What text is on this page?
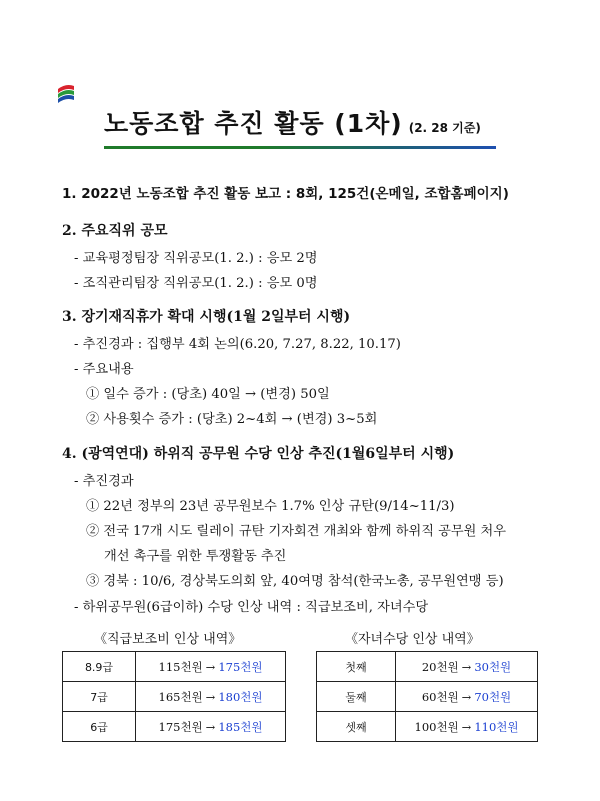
노동조합 추진 활동 (1차) (2. 28 기준)
1. 2022년 노동조합 추진 활동 보고 : 8회, 125건(온메일, 조합홈페이지)
2. 주요직위 공모
- 교육평정팀장 직위공모(1. 2.) : 응모 2명
- 조직관리팀장 직위공모(1. 2.) : 응모 0명
3. 장기재직휴가 확대 시행(1월 2일부터 시행)
- 추진경과 : 집행부 4회 논의(6.20, 7.27, 8.22, 10.17)
- 주요내용
① 일수 증가 : (당초) 40일 → (변경) 50일
② 사용횟수 증가 : (당초) 2~4회 → (변경) 3~5회
4. (광역연대) 하위직 공무원 수당 인상 추진(1월6일부터 시행)
- 추진경과
① 22년 정부의 23년 공무원보수 1.7% 인상 규탄(9/14~11/3)
② 전국 17개 시도 릴레이 규탄 기자회견 개최와 함께 하위직 공무원 처우
개선 촉구를 위한 투쟁활동 추진
③ 경북 : 10/6, 경상북도의회 앞, 40여명 참석(한국노총, 공무원연맹 등)
- 하위공무원(6급이하) 수당 인상 내역 : 직급보조비, 자녀수당
《직급보조비 인상 내역》	《자녀수당 인상 내역》
8.9급	115천원 → 175천원
7급	165천원 → 180천원
6급	175천원 → 185천원
첫째	20천원 → 30천원
둘째	60천원 → 70천원
셋째	100천원 → 110천원
